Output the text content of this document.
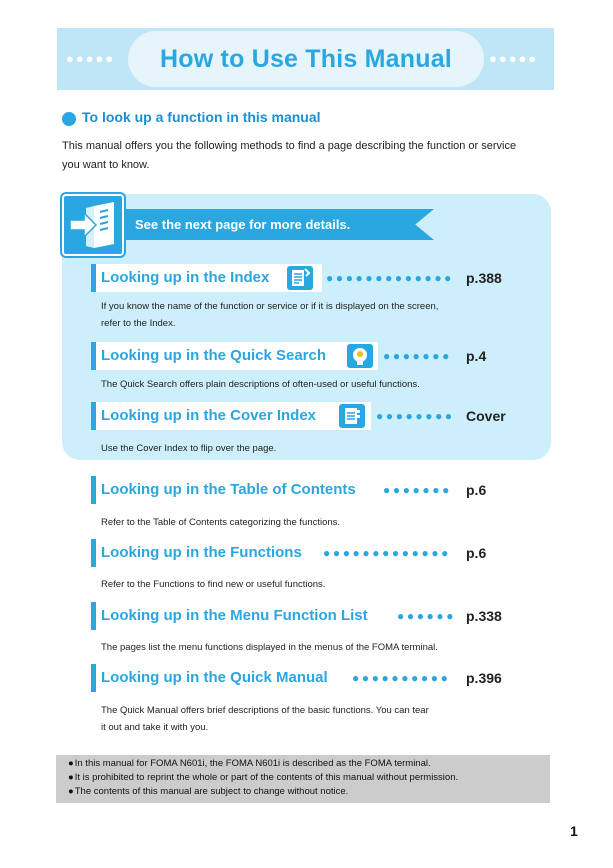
●●●●●	●●●●●
How to Use This Manual
To look up a function in this manual
This manual offers you the following methods to find a page describing the function or service
you want to know.
See the next page for more details.
Looking up in the Index	●●●●●●●●●●●●● p.388
If you know the name of the function or service or if it is displayed on the screen,
refer to the Index.
Looking up in the Quick Search	●●●●●●● p.4
The Quick Search offers plain descriptions of often-used or useful functions.
Looking up in the Cover Index	●●●●●●●● Cover
Use the Cover Index to flip over the page.
Looking up in the Table of Contents ●●●●●●● p.6
Refer to the Table of Contents categorizing the functions.
Looking up in the Functions ●●●●●●●●●●●●● p.6
Refer to the Functions to find new or useful functions.
Looking up in the Menu Function List ●●●●●● p.338
The pages list the menu functions displayed in the menus of the FOMA terminal.
Looking up in the Quick Manual ●●●●●●●●●● p.396
The Quick Manual offers brief descriptions of the basic functions. You can tear
it out and take it with you.
● In this manual for FOMA N601i, the FOMA N601i is described as the FOMA terminal.
● It is prohibited to reprint the whole or part of the contents of this manual without permission.
● The contents of this manual are subject to change without notice.
1
